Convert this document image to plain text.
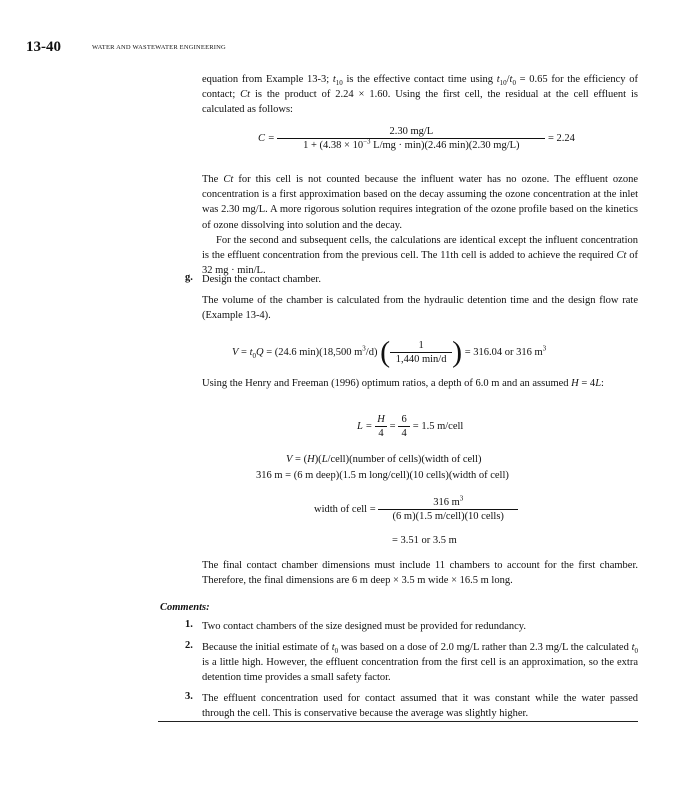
13-40	WATER AND WASTEWATER ENGINEERING

equation from Example 13-3; $t_{10}$ is the effective contact time using $t_{10}/t_0 = 0.65$ for the efficiency of contact; Ct is the product of 2.24 × 1.60. Using the first cell, the residual at the cell effluent is calculated as follows:

$C = \frac{2.30 mg/L}{1 + (4.38 \times 10^{-3} L/mg \cdot \min)(2.46 \min)(2.30 mg/L)} = 2.24$

The Ct for this cell is not counted because the influent water has no ozone. The effluent ozone concentration is a first approximation based on the decay assuming the ozone concentration at the inlet was 2.30 mg/L. A more rigorous solution requires integration of the ozone profile based on the kinetics of ozone dissolving into solution and the decay.

For the second and subsequent cells, the calculations are identical except the influent concentration is the effluent concentration from the previous cell. The 11th cell is added to achieve the required Ct of 32 mg · min/L.

g. Design the contact chamber.

The volume of the chamber is calculated from the hydraulic detention time and the design flow rate (Example 13-4).

$V = t_0Q = (24.6$ min)(18,500 $m^3/d$) ( $\frac{1}{1,440 \min/d}$ ) = 316.04 or 316 $m^3$

Using the Henry and Freeman (1996) optimum ratios, a depth of 6.0 m and an assumed H = 4L:

$L = \frac{H}{4} = \frac{6}{4} = 1.5$ m/cell
V = (H)(L/cell)(number of cells)(width of cell)
316 m = (6 m deep)(1.5 m long/cell)(10 cells)(width of cell)
width of cell = $\frac{316 m^3}{\text{(6 m)(1.5 m/cell)(10 cells)}}$
= 3.51 or 3.5 m

The final contact chamber dimensions must include 11 chambers to account for the first chamber. Therefore, the final dimensions are 6 m deep × 3.5 m wide × 16.5 m long.

Comments:
1. Two contact chambers of the size designed must be provided for redundancy.

2. Because the initial estimate of $t_0$ was based on a dose of 2.0 mg/L rather than 2.3 mg/L the calculated $t_0$ is a little high. However, the effluent concentration from the first cell is an approximation, so the extra detention time provides a small safety factor.

3. The effluent concentration used for contact assumed that it was constant while the water passed through the cell. This is conservative because the average was slightly higher.
